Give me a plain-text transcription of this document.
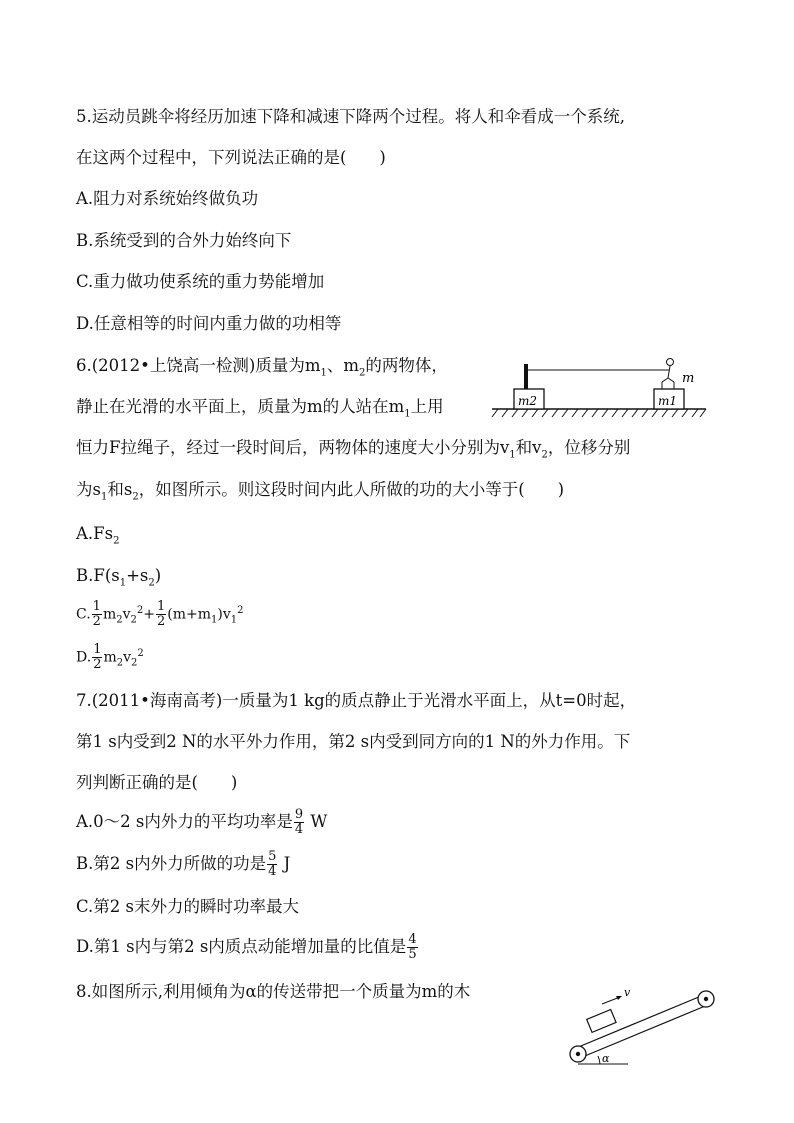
5.运动员跳伞将经历加速下降和减速下降两个过程。将人和伞看成一个系统,
在这两个过程中，下列说法正确的是(　　)
A.阻力对系统始终做负功
B.系统受到的合外力始终向下
C.重力做功使系统的重力势能增加
D.任意相等的时间内重力做的功相等
6.(2012•上饶高一检测)质量为$m_1$、$m_2$的两物体，
静止在光滑的水平面上，质量为m的人站在$m_1$上用
恒力F拉绳子，经过一段时间后，两物体的速度大小分别为$v_1$和$v_2$，位移分别
为$s_1$和$s_2$，如图所示。则这段时间内此人所做的功的大小等于(　　)
m2	m1
m
$A.Fs_2$
$B.F(s_1+s_2)$
C. $\frac{1}{2} m_2v_2^2+ \frac{1}{2} (m+m_1)v_1^2$
D. $\frac{1}{2} m_2v_2^2$
7.(2011•海南高考)一质量为1 kg的质点静止于光滑水平面上，从t=0时起，
第1 s内受到2 N的水平外力作用，第2 s内受到同方向的1 N的外力作用。下
列判断正确的是(　　)
A.0～2 s内外力的平均功率是 $\frac{9}{4}$ W
B.第2 s内外力所做的功是 $\frac{5}{4}$ J
C.第2 s末外力的瞬时功率最大
D.第1 s内与第2 s内质点动能增加量的比值是 $\frac{4}{5}$
8.如图所示,利用倾角为α的传送带把一个质量为m的木	v
α
